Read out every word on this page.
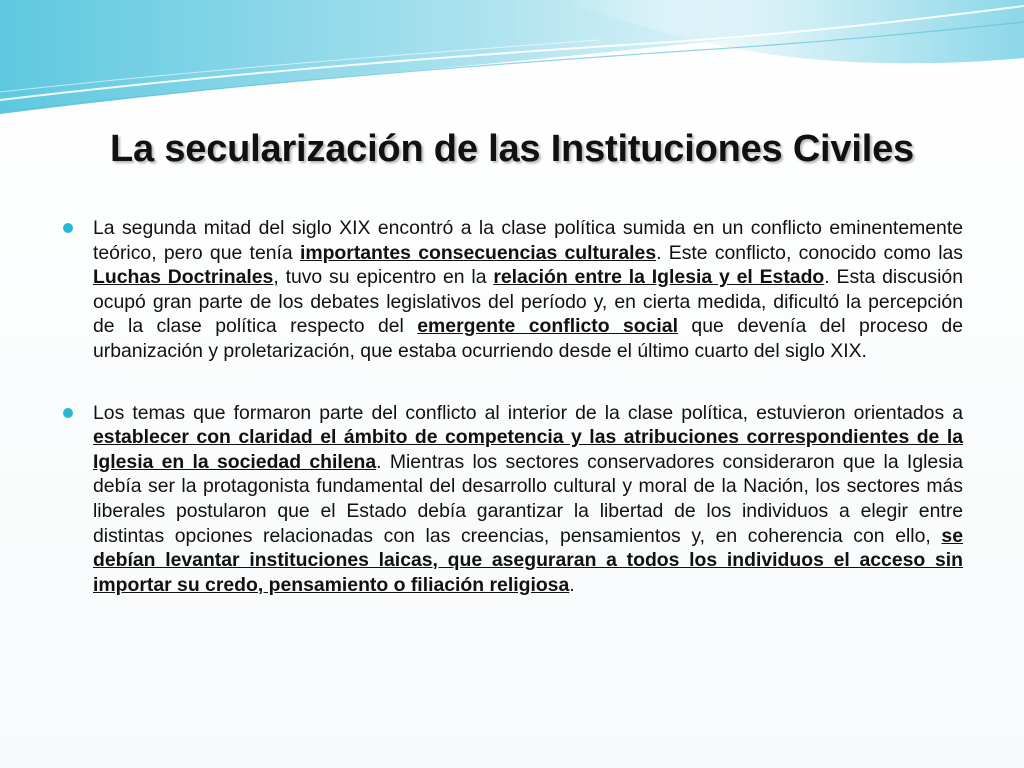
La secularización de las Instituciones Civiles

La segunda mitad del siglo XIX encontró a la clase política sumida en un conflicto eminentemente teórico, pero que tenía importantes consecuencias culturales. Este conflicto, conocido como las Luchas Doctrinales, tuvo su epicentro en la relación entre la Iglesia y el Estado. Esta discusión ocupó gran parte de los debates legislativos del período y, en cierta medida, dificultó la percepción de la clase política respecto del emergente conflicto social que devenía del proceso de urbanización y proletarización, que estaba ocurriendo desde el último cuarto del siglo XIX.

Los temas que formaron parte del conflicto al interior de la clase política, estuvieron orientados a establecer con claridad el ámbito de competencia y las atribuciones correspondientes de la Iglesia en la sociedad chilena. Mientras los sectores conservadores consideraron que la Iglesia debía ser la protagonista fundamental del desarrollo cultural y moral de la Nación, los sectores más liberales postularon que el Estado debía garantizar la libertad de los individuos a elegir entre distintas opciones relacionadas con las creencias, pensamientos y, en coherencia con ello, se debían levantar instituciones laicas, que aseguraran a todos los individuos el acceso sin importar su credo, pensamiento o filiación religiosa.
